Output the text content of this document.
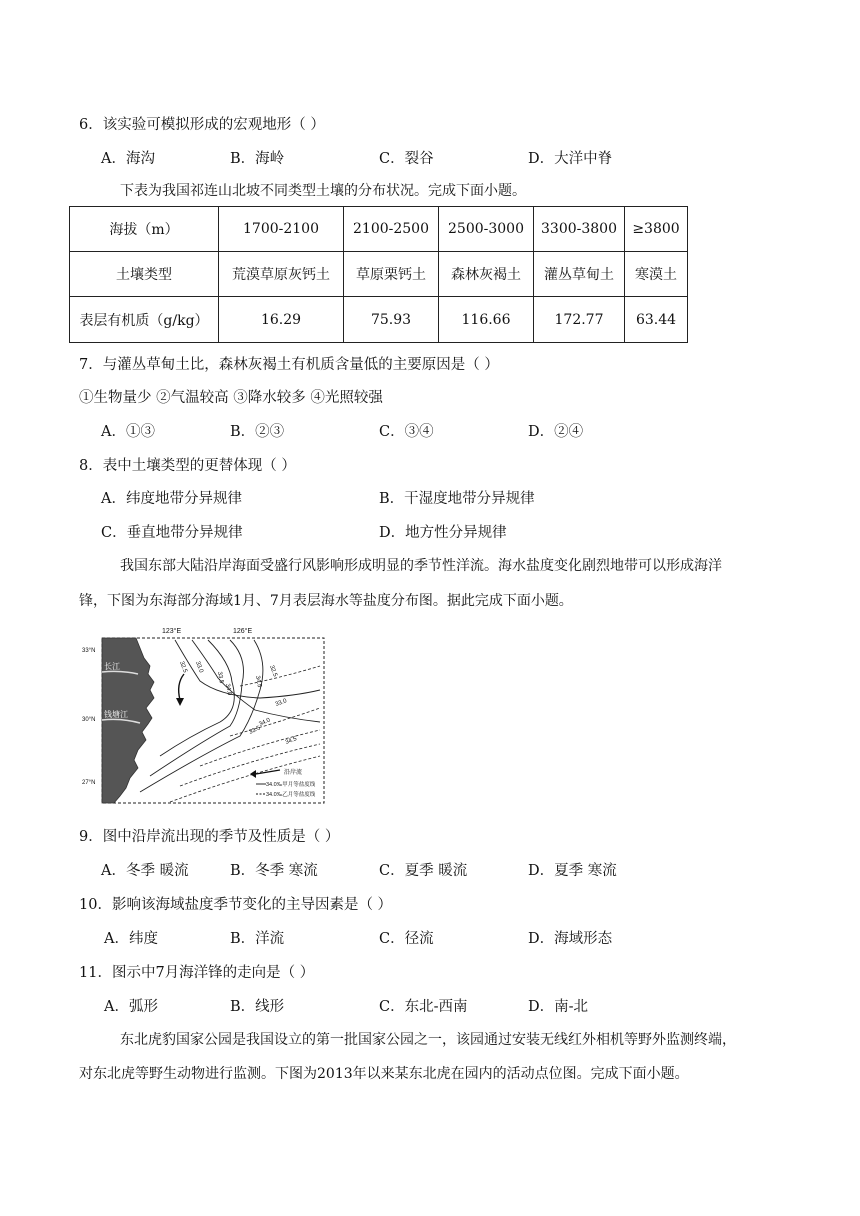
6．该实验可模拟形成的宏观地形（ ）
A．海沟	B．海岭	C．裂谷	D．大洋中脊
下表为我国祁连山北坡不同类型土壤的分布状况。完成下面小题。
海拔（m）	1700-2100	2100-2500	2500-3000	3300-3800	≥3800
土壤类型	荒漠草原灰钙土	草原栗钙土	森林灰褐土	灌丛草甸土	寒漠土
表层有机质（g/kg）	16.29	75.93	116.66	172.77	63.44
7．与灌丛草甸土比，森林灰褐土有机质含量低的主要原因是（ ）
①生物量少 ②气温较高 ③降水较多 ④光照较强
A．①③	B．②③	C．③④	D．②④
8．表中土壤类型的更替体现（ ）
A．纬度地带分异规律	B．干湿度地带分异规律
C．垂直地带分异规律	D．地方性分异规律
我国东部大陆沿岸海面受盛行风影响形成明显的季节性洋流。海水盐度变化剧烈地带可以形成海洋
锋，下图为东海部分海域1月、7月表层海水等盐度分布图。据此完成下面小题。
123°E	126°E
33°N
30°N
27°N
长江
钱塘江
32.5 33.0
33.5
34.0
34.5
32.5
33.0
33.5
34.0
34.5
沿岸流
34.0‰甲月等盐度线
34.0‰乙月等盐度线
9．图中沿岸流出现的季节及性质是（ ）
A．冬季 暖流	B．冬季 寒流	C．夏季 暖流	D．夏季 寒流
10．影响该海域盐度季节变化的主导因素是（ ）
A．纬度	B．洋流	C．径流	D．海域形态
11．图示中7月海洋锋的走向是（ ）
A．弧形	B．线形	C．东北-西南	D．南-北
东北虎豹国家公园是我国设立的第一批国家公园之一，该园通过安装无线红外相机等野外监测终端，
对东北虎等野生动物进行监测。下图为2013年以来某东北虎在园内的活动点位图。完成下面小题。
